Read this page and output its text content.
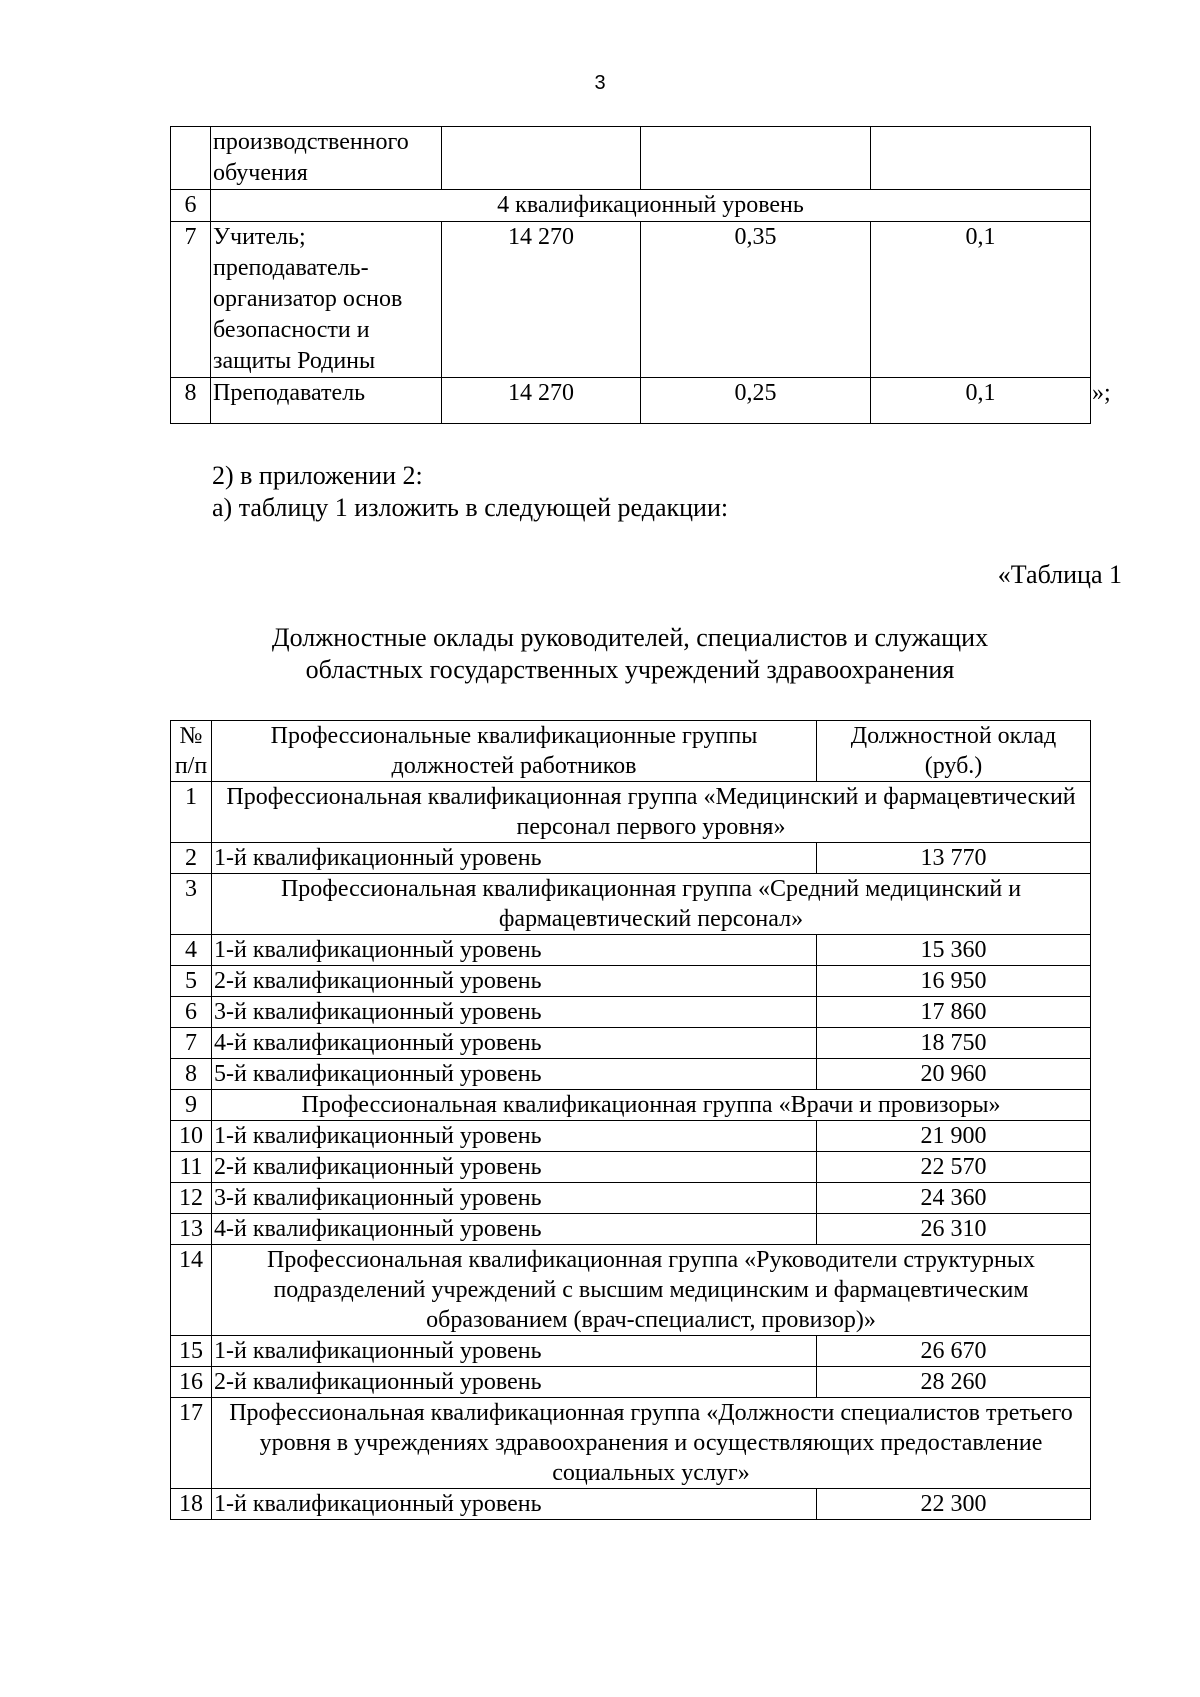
3
	производственного обучения			
6	4 квалификационный уровень			
7	Учитель; преподаватель-организатор основ безопасности и защиты Родины	14 270	0,35	0,1
8	Преподаватель	14 270	0,25	0,1	»;
2) в приложении 2:
а) таблицу 1 изложить в следующей редакции:
«Таблица 1
Должностные оклады руководителей, специалистов и служащих
областных государственных учреждений здравоохранения
№ п/п	Профессиональные квалификационные группы должностей работников	Должностной оклад (руб.)
1	Профессиональная квалификационная группа «Медицинский и фармацевтический персонал первого уровня»	
2	1-й квалификационный уровень	13 770
3	Профессиональная квалификационная группа «Средний медицинский и фармацевтический персонал»	
4	1-й квалификационный уровень	15 360
5	2-й квалификационный уровень	16 950
6	3-й квалификационный уровень	17 860
7	4-й квалификационный уровень	18 750
8	5-й квалификационный уровень	20 960
9	Профессиональная квалификационная группа «Врачи и провизоры»	
10	1-й квалификационный уровень	21 900
11	2-й квалификационный уровень	22 570
12	3-й квалификационный уровень	24 360
13	4-й квалификационный уровень	26 310
14	Профессиональная квалификационная группа «Руководители структурных подразделений учреждений с высшим медицинским и фармацевтическим образованием (врач-специалист, провизор)»	
15	1-й квалификационный уровень	26 670
16	2-й квалификационный уровень	28 260
17	Профессиональная квалификационная группа «Должности специалистов третьего уровня в учреждениях здравоохранения и осуществляющих предоставление социальных услуг»	
18	1-й квалификационный уровень	22 300
